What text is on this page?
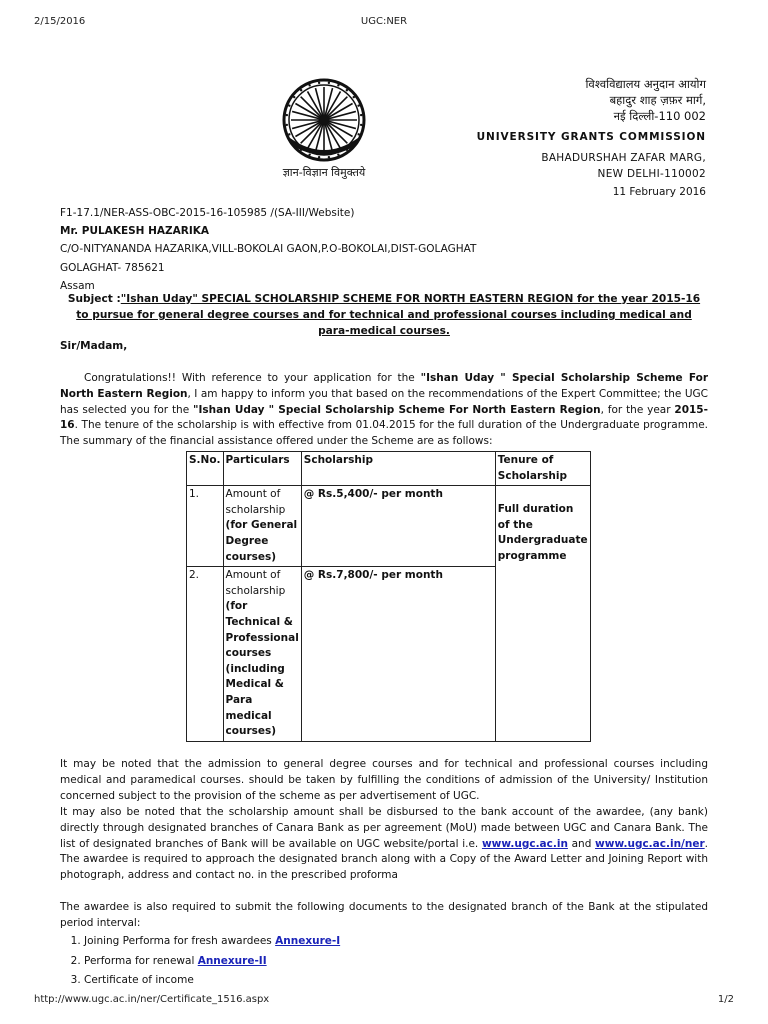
2/15/2016	UGC:NER
ज्ञान-विज्ञान विमुक्तये
विश्वविद्यालय अनुदान आयोग
बहादुर शाह ज़फ़र मार्ग,
नई दिल्ली-110 002
UNIVERSITY GRANTS COMMISSION
BAHADURSHAH ZAFAR MARG,
NEW DELHI-110002
11 February 2016
F1-17.1/NER-ASS-OBC-2015-16-105985 /(SA-III/Website)
Mr. PULAKESH HAZARIKA
C/O-NITYANANDA HAZARIKA,VILL-BOKOLAI GAON,P.O-BOKOLAI,DIST-GOLAGHAT
GOLAGHAT- 785621
Assam
Subject :"Ishan Uday" SPECIAL SCHOLARSHIP SCHEME FOR NORTH EASTERN REGION for the year 2015-16 to pursue for general degree courses and for technical and professional courses including medical and para-medical courses.
Sir/Madam,
Congratulations!! With reference to your application for the "Ishan Uday " Special Scholarship Scheme For North Eastern Region, I am happy to inform you that based on the recommendations of the Expert Committee; the UGC has selected you for the "Ishan Uday " Special Scholarship Scheme For North Eastern Region, for the year 2015-16. The tenure of the scholarship is with effective from 01.04.2015 for the full duration of the Undergraduate programme. The summary of the financial assistance offered under the Scheme are as follows:
S.No.	Particulars	Scholarship	Tenure of Scholarship
1.	Amount of scholarship (for General Degree courses)	@ Rs.5,400/- per month	Full duration of the Undergraduate programme
2.	Amount of scholarship (for Technical & Professional courses (including Medical & Para medical courses)	@ Rs.7,800/- per month	
It may be noted that the admission to general degree courses and for technical and professional courses including medical and paramedical courses. should be taken by fulfilling the conditions of admission of the University/ Institution concerned subject to the provision of the scheme as per advertisement of UGC.
It may also be noted that the scholarship amount shall be disbursed to the bank account of the awardee, (any bank) directly through designated branches of Canara Bank as per agreement (MoU) made between UGC and Canara Bank. The list of designated branches of Bank will be available on UGC website/portal i.e. www.ugc.ac.in and www.ugc.ac.in/ner. The awardee is required to approach the designated branch along with a Copy of the Award Letter and Joining Report with photograph, address and contact no. in the prescribed proforma
The awardee is also required to submit the following documents to the designated branch of the Bank at the stipulated period interval:
1. Joining Performa for fresh awardees Annexure-I
2. Performa for renewal Annexure-II
3. Certificate of income
http://www.ugc.ac.in/ner/Certificate_1516.aspx	1/2
